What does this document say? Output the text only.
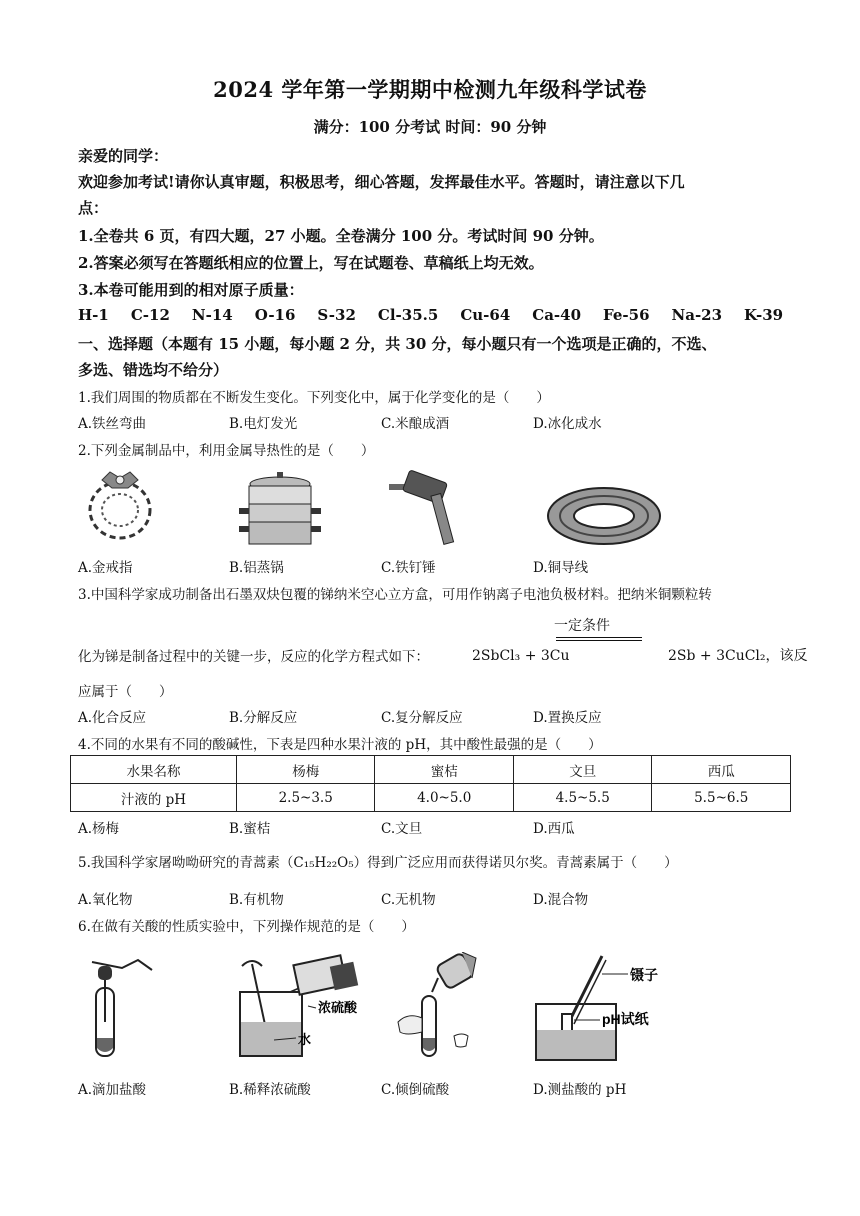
2024 学年第一学期期中检测九年级科学试卷
满分：100 分考试 时间：90 分钟
亲爱的同学：
欢迎参加考试!请你认真审题，积极思考，细心答题，发挥最佳水平。答题时，请注意以下几
点：
1.全卷共 6 页，有四大题，27 小题。全卷满分 100 分。考试时间 90 分钟。
2.答案必须写在答题纸相应的位置上，写在试题卷、草稿纸上均无效。
3.本卷可能用到的相对原子质量：
H-1 C-12 N-14 O-16 S-32 Cl-35.5 Cu-64 Ca-40 Fe-56 Na-23 K-39
一、选择题（本题有 15 小题，每小题 2 分，共 30 分，每小题只有一个选项是正确的，不选、
多选、错选均不给分）
1.我们周围的物质都在不断发生变化。下列变化中，属于化学变化的是（　　）
A.铁丝弯曲	B.电灯发光	C.米酿成酒	D.冰化成水
2.下列金属制品中，利用金属导热性的是（　　）
A.金戒指	B.铝蒸锅	C.铁钉锤	D.铜导线
3.中国科学家成功制备出石墨双炔包覆的锑纳米空心立方盒，可用作钠离子电池负极材料。把纳米铜颗粒转
化为锑是制备过程中的关键一步，反应的化学方程式如下：	2SbCl₃ + 3Cu
一定条件
2Sb + 3CuCl₂，该反
应属于（　　）
A.化合反应	B.分解反应	C.复分解反应	D.置换反应
4.不同的水果有不同的酸碱性，下表是四种水果汁液的 pH，其中酸性最强的是（　　）
水果名称	杨梅	蜜桔	文旦	西瓜
汁液的 pH	2.5~3.5	4.0~5.0	4.5~5.5	5.5~6.5
A.杨梅	B.蜜桔	C.文旦	D.西瓜
5.我国科学家屠呦呦研究的青蒿素（C₁₅H₂₂O₅）得到广泛应用而获得诺贝尔奖。青蒿素属于（　　）
A.氧化物	B.有机物	C.无机物	D.混合物
6.在做有关酸的性质实验中，下列操作规范的是（　　）
浓硫酸
水
镊子
pH试纸
A.滴加盐酸	B.稀释浓硫酸	C.倾倒硫酸	D.测盐酸的 pH
